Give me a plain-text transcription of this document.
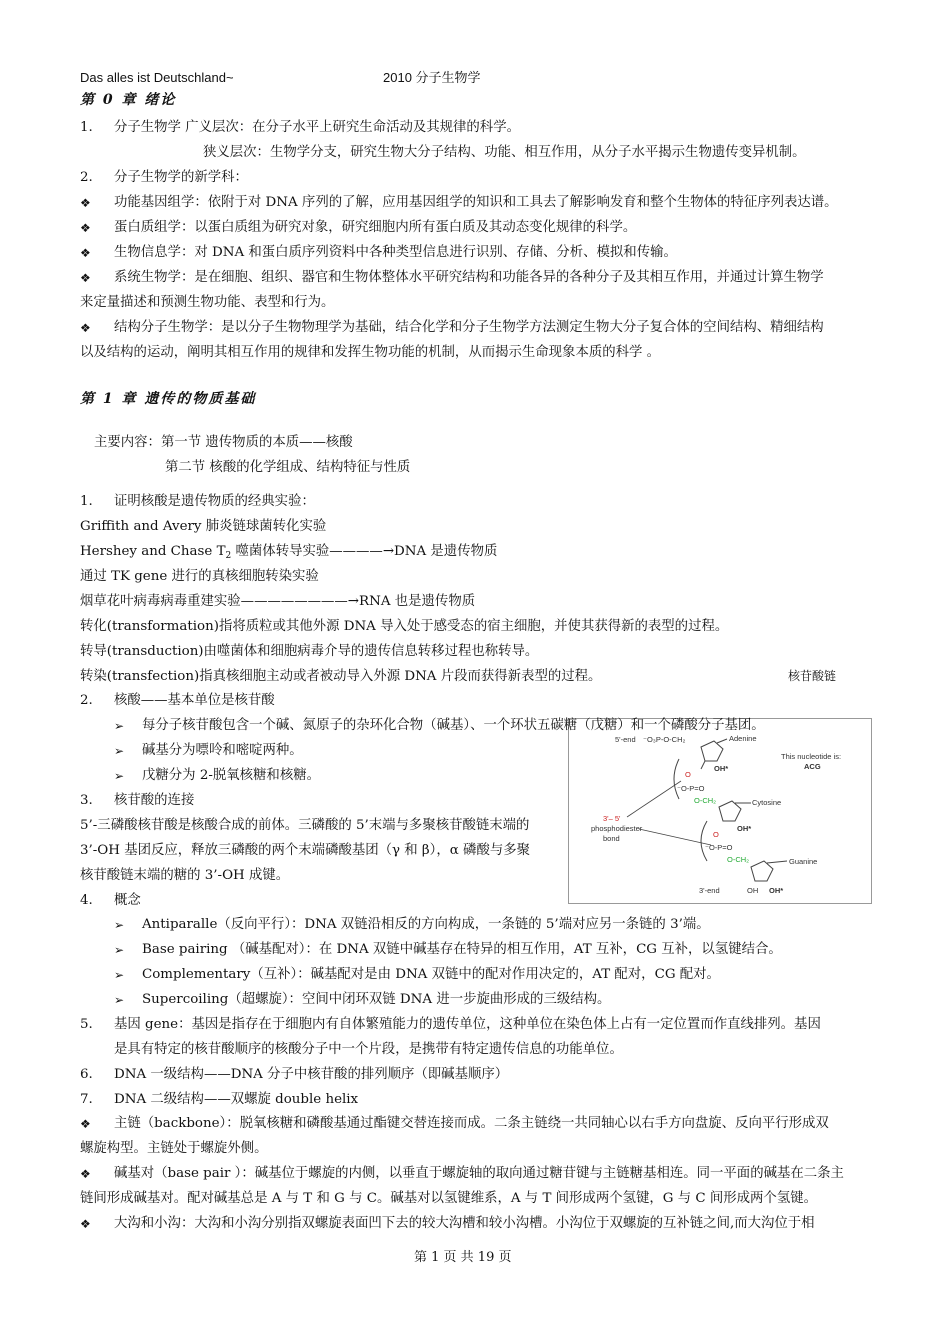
Das alles ist Deutschland~	2010 分子生物学
第 0 章 绪论
1. 分子生物学 广义层次：在分子水平上研究生命活动及其规律的科学。
狭义层次：生物学分支，研究生物大分子结构、功能、相互作用，从分子水平揭示生物遗传变异机制。
2. 分子生物学的新学科：
❖ 功能基因组学：依附于对 DNA 序列的了解，应用基因组学的知识和工具去了解影响发育和整个生物体的特征序列表达谱。
❖ 蛋白质组学：以蛋白质组为研究对象，研究细胞内所有蛋白质及其动态变化规律的科学。
❖ 生物信息学：对 DNA 和蛋白质序列资料中各种类型信息进行识别、存储、分析、模拟和传输。
❖ 系统生物学：是在细胞、组织、器官和生物体整体水平研究结构和功能各异的各种分子及其相互作用，并通过计算生物学
来定量描述和预测生物功能、表型和行为。
❖ 结构分子生物学：是以分子生物物理学为基础，结合化学和分子生物学方法测定生物大分子复合体的空间结构、精细结构
以及结构的运动，阐明其相互作用的规律和发挥生物功能的机制，从而揭示生命现象本质的科学 。
第 1 章 遗传的物质基础
主要内容：第一节 遗传物质的本质——核酸
第二节 核酸的化学组成、结构特征与性质
1. 证明核酸是遗传物质的经典实验：
Griffith and Avery 肺炎链球菌转化实验
Hershey and Chase $T_2$ 噬菌体转导实验————→DNA 是遗传物质
通过 TK gene 进行的真核细胞转染实验
烟草花叶病毒病毒重建实验————————→RNA 也是遗传物质
转化(transformation)指将质粒或其他外源 DNA 导入处于感受态的宿主细胞，并使其获得新的表型的过程。
转导(transduction)由噬菌体和细胞病毒介导的遗传信息转移过程也称转导。
转染(transfection)指真核细胞主动或者被动导入外源 DNA 片段而获得新表型的过程。	核苷酸链
2. 核酸——基本单位是核苷酸
5'-end ⁻O₃P-O-CH₂	Adenine
This nucleotide is:
ACG
OH*
O
⁻O-P=O
O-CH₂	Cytosine
OH*
3'– 5'
phosphodiester
bond	O
⁻O-P=O
O-CH₂	Guanine
3'-end	OH OH*
➢ 每分子核苷酸包含一个碱、氮原子的杂环化合物（碱基）、一个环状五碳糖（戊糖）和一个磷酸分子基团。
➢ 碱基分为嘌呤和嘧啶两种。
➢ 戊糖分为 2-脱氧核糖和核糖。
3. 核苷酸的连接
5’-三磷酸核苷酸是核酸合成的前体。三磷酸的 5’末端与多聚核苷酸链末端的
3’-OH 基团反应，释放三磷酸的两个末端磷酸基团（γ 和 β），α 磷酸与多聚
核苷酸链末端的糖的 3’-OH 成键。
4. 概念
➢ Antiparalle（反向平行）：DNA 双链沿相反的方向构成，一条链的 5’端对应另一条链的 3’端。
➢ Base pairing （碱基配对）：在 DNA 双链中碱基存在特异的相互作用，AT 互补，CG 互补，以氢键结合。
➢ Complementary（互补）：碱基配对是由 DNA 双链中的配对作用决定的，AT 配对，CG 配对。
➢ Supercoiling（超螺旋）：空间中闭环双链 DNA 进一步旋曲形成的三级结构。
5. 基因 gene：基因是指存在于细胞内有自体繁殖能力的遗传单位，这种单位在染色体上占有一定位置而作直线排列。基因
是具有特定的核苷酸顺序的核酸分子中一个片段，是携带有特定遗传信息的功能单位。
6. DNA 一级结构——DNA 分子中核苷酸的排列顺序（即碱基顺序）
7. DNA 二级结构——双螺旋 double helix
❖ 主链（backbone）：脱氧核糖和磷酸基通过酯键交替连接而成。二条主链绕一共同轴心以右手方向盘旋、反向平行形成双
螺旋构型。主链处于螺旋外侧。
❖ 碱基对（base pair ）：碱基位于螺旋的内侧，以垂直于螺旋轴的取向通过糖苷键与主链糖基相连。同一平面的碱基在二条主
链间形成碱基对。配对碱基总是 A 与 T 和 G 与 C。碱基对以氢键维系，A 与 T 间形成两个氢键，G 与 C 间形成两个氢键。
❖ 大沟和小沟：大沟和小沟分别指双螺旋表面凹下去的较大沟槽和较小沟槽。小沟位于双螺旋的互补链之间,而大沟位于相
第 1 页 共 19 页
